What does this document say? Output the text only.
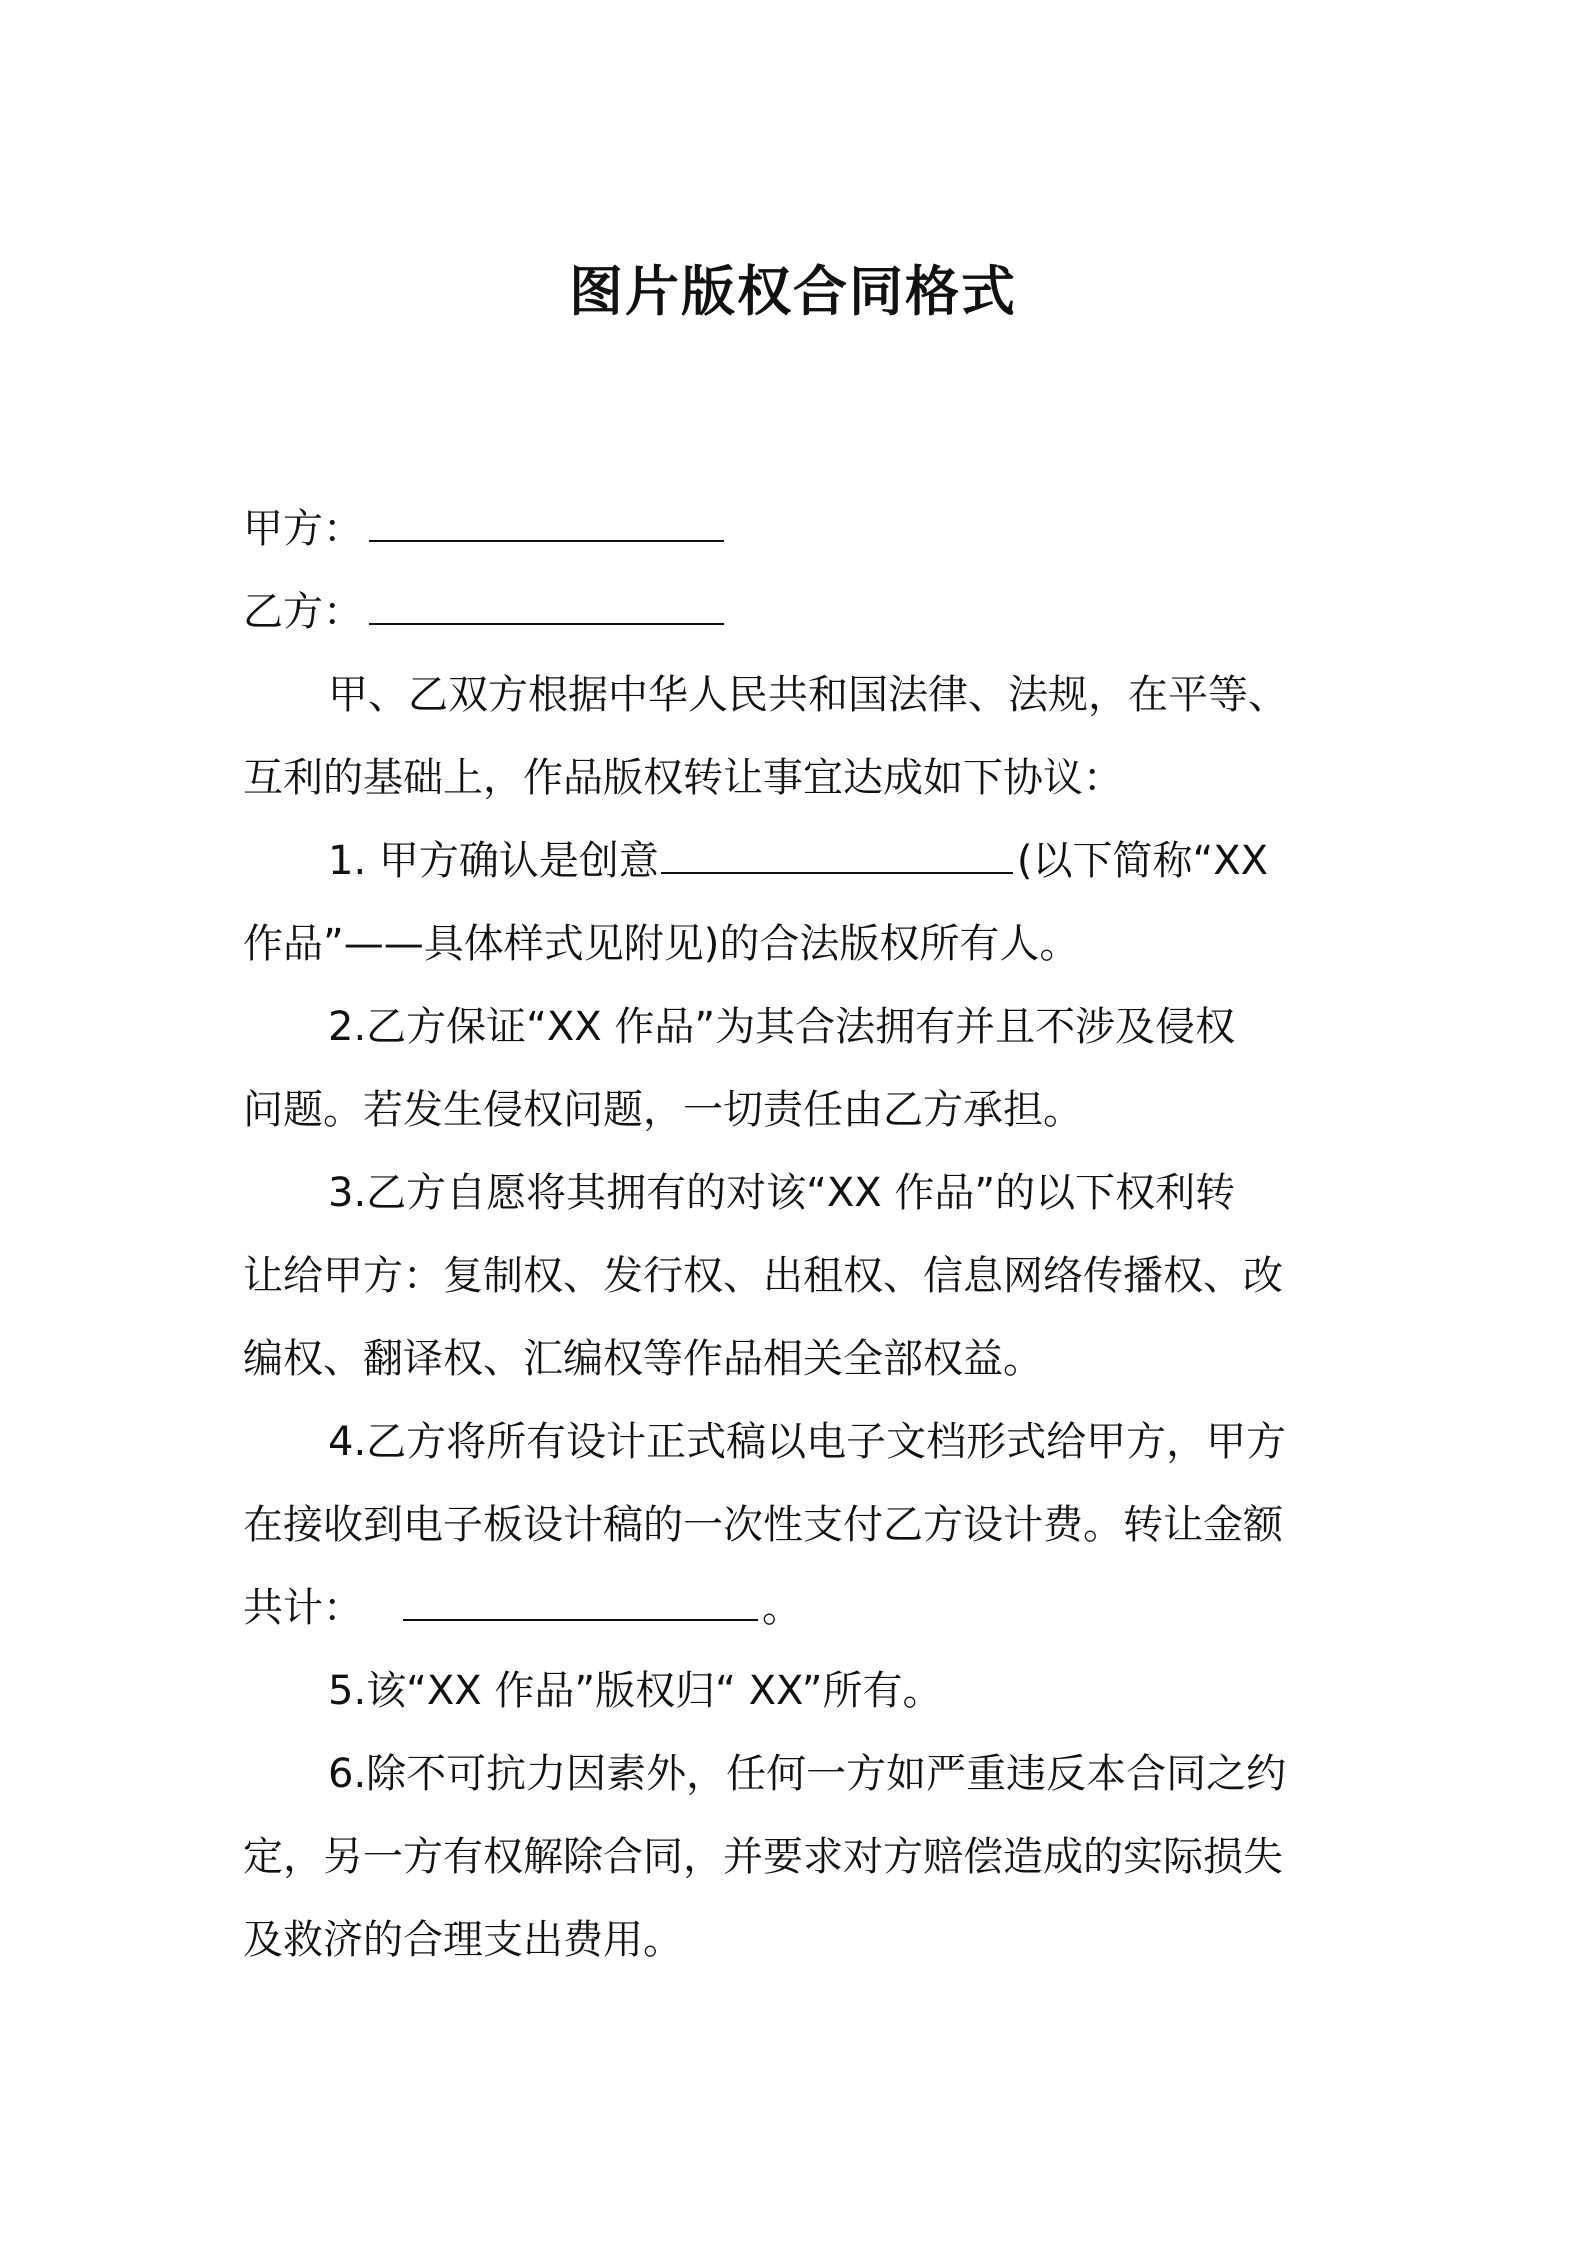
图片版权合同格式
甲方：
乙方：
甲、乙双方根据中华人民共和国法律、法规，在平等、
互利的基础上，作品版权转让事宜达成如下协议：
1. 甲方确认是创意	(以下简称“XX
作品”——具体样式见附见)的合法版权所有人。
2.乙方保证“XX 作品”为其合法拥有并且不涉及侵权
问题。若发生侵权问题，一切责任由乙方承担。
3.乙方自愿将其拥有的对该“XX 作品”的以下权利转
让给甲方：复制权、发行权、出租权、信息网络传播权、改
编权、翻译权、汇编权等作品相关全部权益。
4.乙方将所有设计正式稿以电子文档形式给甲方，甲方
在接收到电子板设计稿的一次性支付乙方设计费。转让金额
共计：	。
5.该“XX 作品”版权归“ XX”所有。
6.除不可抗力因素外，任何一方如严重违反本合同之约
定，另一方有权解除合同，并要求对方赔偿造成的实际损失
及救济的合理支出费用。
